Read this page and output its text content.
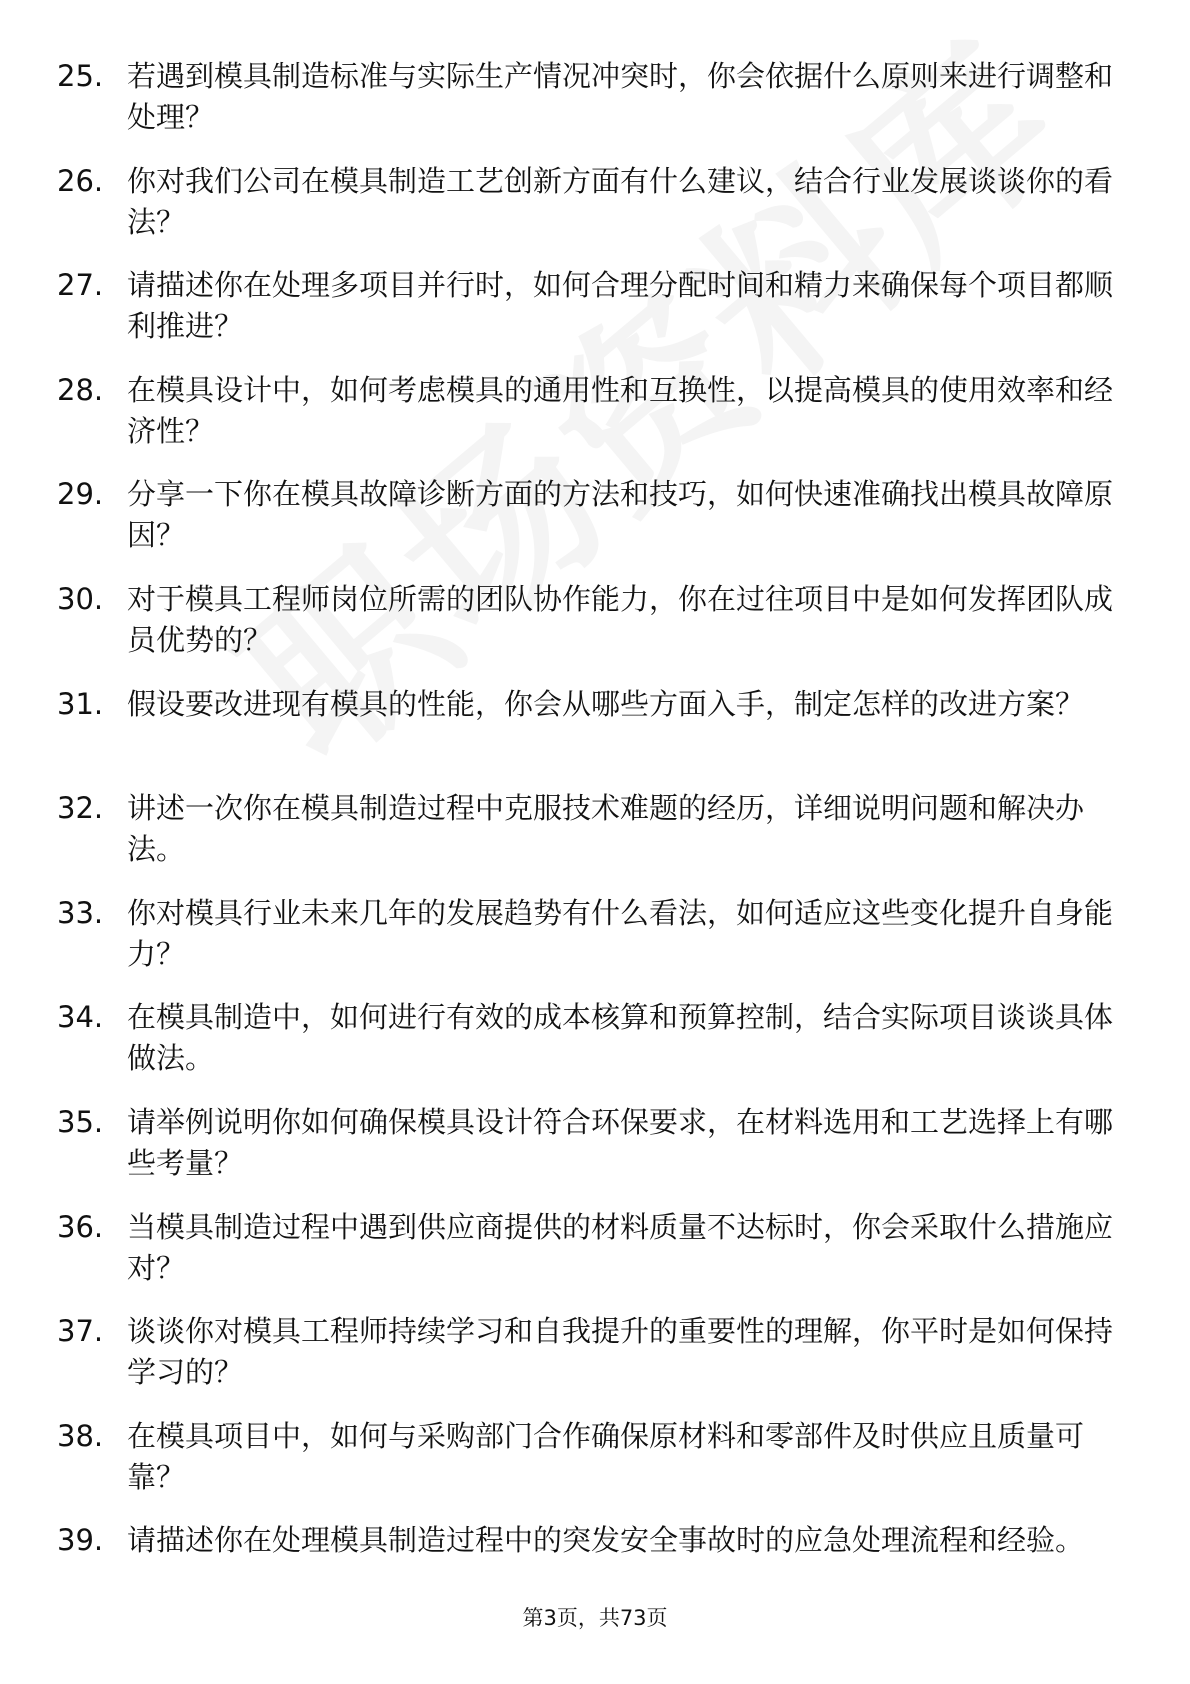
25. 若遇到模具制造标准与实际生产情况冲突时，你会依据什么原则来进行调整和处理？
26. 你对我们公司在模具制造工艺创新方面有什么建议，结合行业发展谈谈你的看法？
27. 请描述你在处理多项目并行时，如何合理分配时间和精力来确保每个项目都顺利推进？
28. 在模具设计中，如何考虑模具的通用性和互换性，以提高模具的使用效率和经济性？
29. 分享一下你在模具故障诊断方面的方法和技巧，如何快速准确找出模具故障原因？
30. 对于模具工程师岗位所需的团队协作能力，你在过往项目中是如何发挥团队成员优势的？
31. 假设要改进现有模具的性能，你会从哪些方面入手，制定怎样的改进方案？
32. 讲述一次你在模具制造过程中克服技术难题的经历，详细说明问题和解决办法。
33. 你对模具行业未来几年的发展趋势有什么看法，如何适应这些变化提升自身能力？
34. 在模具制造中，如何进行有效的成本核算和预算控制，结合实际项目谈谈具体做法。
35. 请举例说明你如何确保模具设计符合环保要求，在材料选用和工艺选择上有哪些考量？
36. 当模具制造过程中遇到供应商提供的材料质量不达标时，你会采取什么措施应对？
37. 谈谈你对模具工程师持续学习和自我提升的重要性的理解，你平时是如何保持学习的？
38. 在模具项目中，如何与采购部门合作确保原材料和零部件及时供应且质量可靠？
39. 请描述你在处理模具制造过程中的突发安全事故时的应急处理流程和经验。
第3页，共73页
